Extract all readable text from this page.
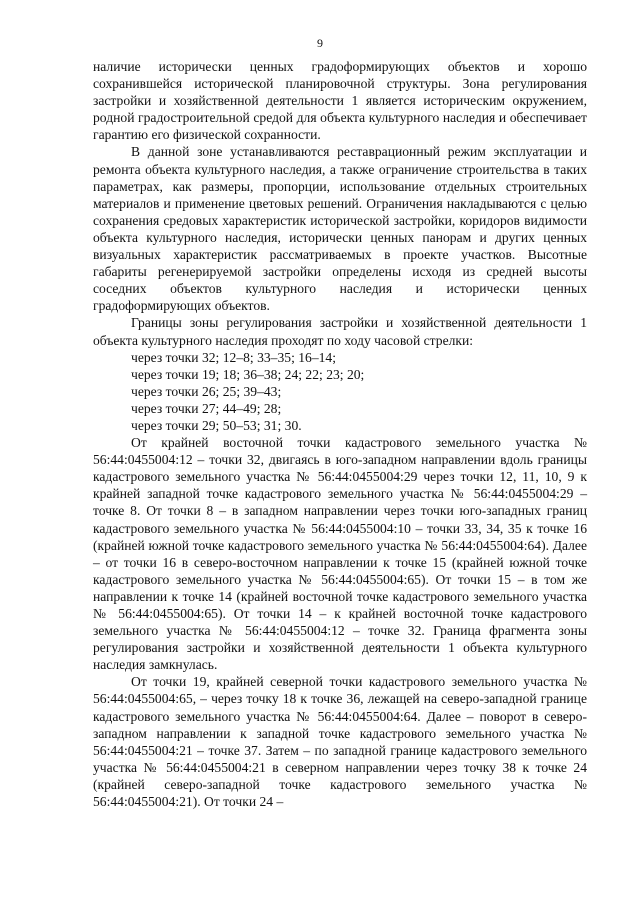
9

наличие исторически ценных градоформирующих объектов и хорошо сохранившейся исторической планировочной структуры. Зона регулирования застройки и хозяйственной деятельности 1 является историческим окружением, родной градостроительной средой для объекта культурного наследия и обеспечивает гарантию его физической сохранности.

В данной зоне устанавливаются реставрационный режим эксплуатации и ремонта объекта культурного наследия, а также ограничение строительства в таких параметрах, как размеры, пропорции, использование отдельных строительных материалов и применение цветовых решений. Ограничения накладываются с целью сохранения средовых характеристик исторической застройки, коридоров видимости объекта культурного наследия, исторически ценных панорам и других ценных визуальных характеристик рассматриваемых в проекте участков. Высотные габариты регенерируемой застройки определены исходя из средней высоты соседних объектов культурного наследия и исторически ценных градоформирующих объектов.

Границы зоны регулирования застройки и хозяйственной деятельности 1 объекта культурного наследия проходят по ходу часовой стрелки:

через точки 32; 12–8; 33–35; 16–14;

через точки 19; 18; 36–38; 24; 22; 23; 20;

через точки 26; 25; 39–43;

через точки 27; 44–49; 28;

через точки 29; 50–53; 31; 30.

От крайней восточной точки кадастрового земельного участка № 56:44:0455004:12 – точки 32, двигаясь в юго-западном направлении вдоль границы кадастрового земельного участка № 56:44:0455004:29 через точки 12, 11, 10, 9 к крайней западной точке кадастрового земельного участка № 56:44:0455004:29 – точке 8. От точки 8 – в западном направлении через точки юго-западных границ кадастрового земельного участка № 56:44:0455004:10 – точки 33, 34, 35 к точке 16 (крайней южной точке кадастрового земельного участка № 56:44:0455004:64). Далее – от точки 16 в северо-восточном направлении к точке 15 (крайней южной точке кадастрового земельного участка № 56:44:0455004:65). От точки 15 – в том же направлении к точке 14 (крайней восточной точке кадастрового земельного участка № 56:44:0455004:65). От точки 14 – к крайней восточной точке кадастрового земельного участка № 56:44:0455004:12 – точке 32. Граница фрагмента зоны регулирования застройки и хозяйственной деятельности 1 объекта культурного наследия замкнулась.

От точки 19, крайней северной точки кадастрового земельного участка № 56:44:0455004:65, – через точку 18 к точке 36, лежащей на северо-западной границе кадастрового земельного участка № 56:44:0455004:64. Далее – поворот в северо-западном направлении к западной точке кадастрового земельного участка № 56:44:0455004:21 – точке 37. Затем – по западной границе кадастрового земельного участка № 56:44:0455004:21 в северном направлении через точку 38 к точке 24 (крайней северо-западной точке кадастрового земельного участка № 56:44:0455004:21). От точки 24 –
